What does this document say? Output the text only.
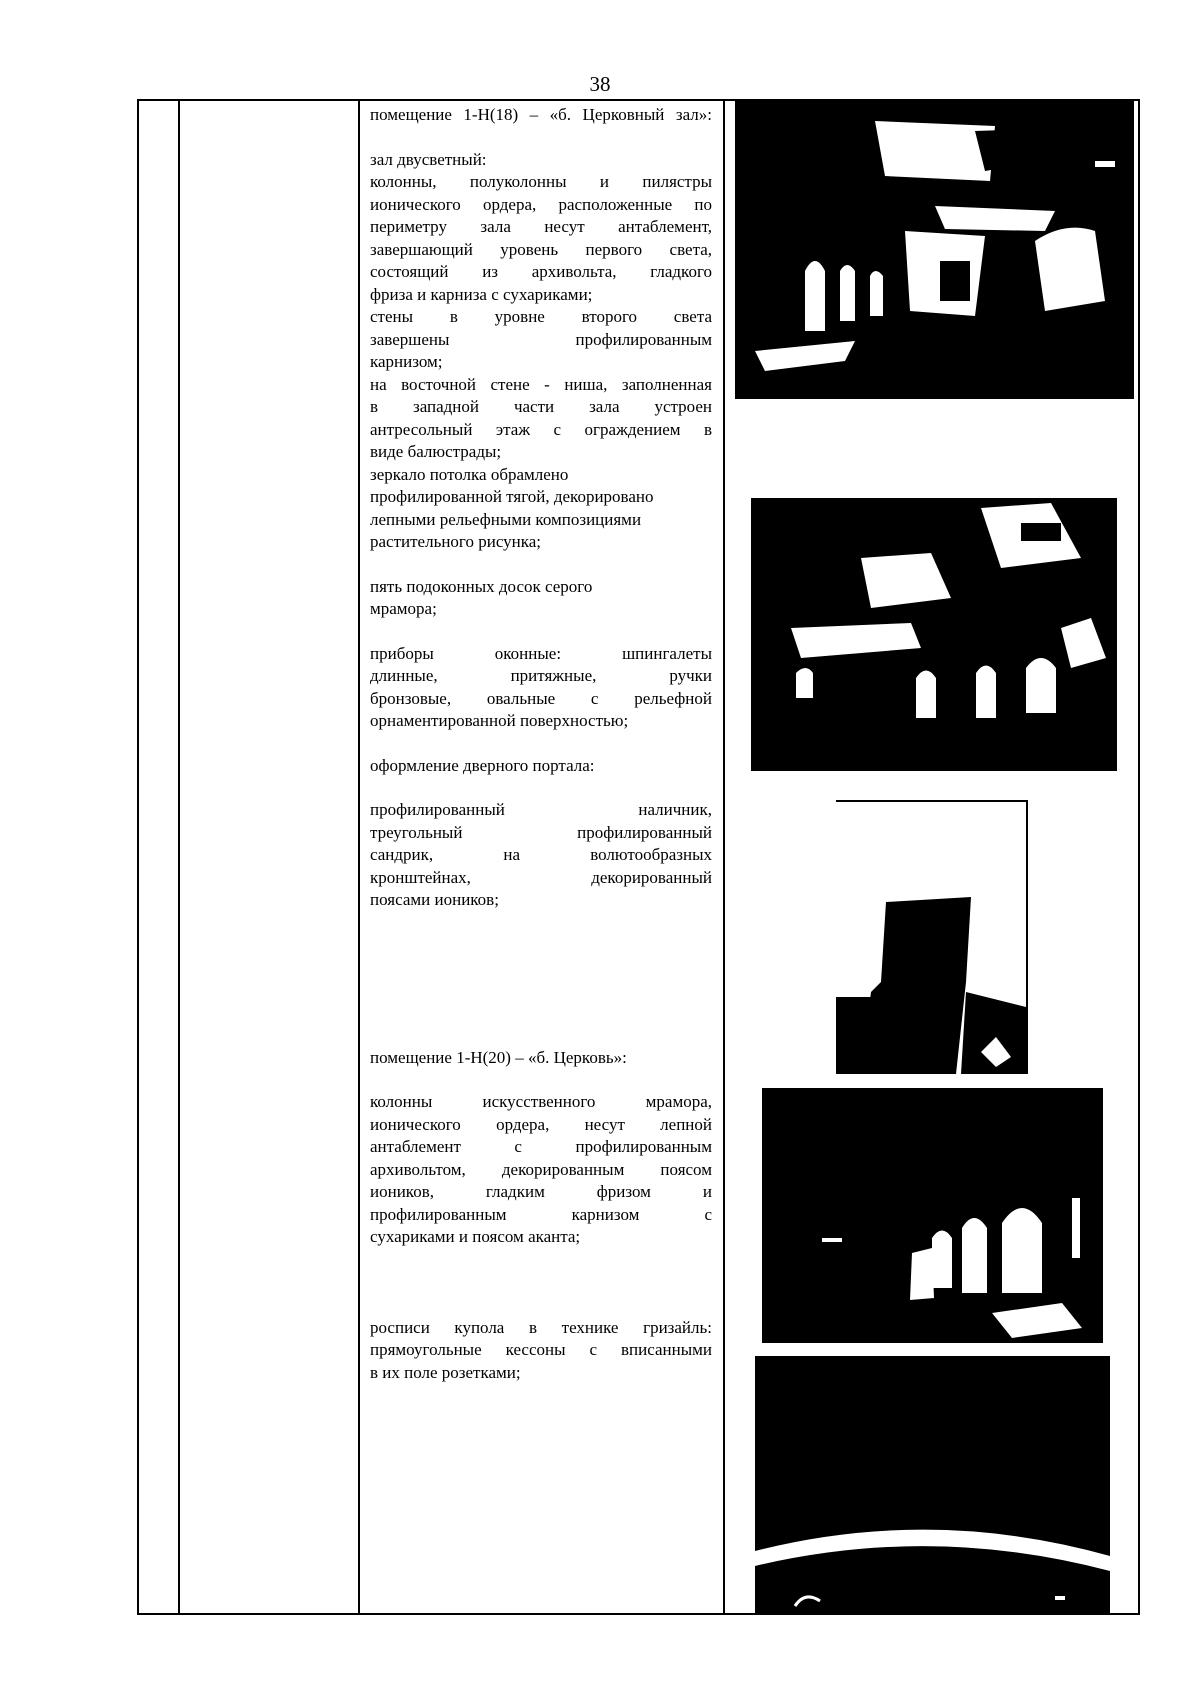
38

помещение 1-Н(18) – «б. Церковный зал»:

зал двусветный:

колонны, полуколонны и пилястры

ионического ордера, расположенные по

периметру зала несут антаблемент,

завершающий уровень первого света,

состоящий из архивольта, гладкого

фриза и карниза с сухариками;

стены в уровне второго света

завершены профилированным

карнизом;

на восточной стене - ниша, заполненная

в западной части зала устроен

антресольный этаж с ограждением в

виде балюстрады;

зеркало потолка обрамлено

профилированной тягой, декорировано

лепными рельефными композициями

растительного рисунка;

пять подоконных досок серого

мрамора;

приборы оконные: шпингалеты

длинные, притяжные, ручки

бронзовые, овальные с рельефной

орнаментированной поверхностью;

оформление дверного портала:

профилированный наличник,

треугольный профилированный

сандрик, на волютообразных

кронштейнах, декорированный

поясами иоников;

помещение 1-Н(20) – «б. Церковь»:

колонны искусственного мрамора,

ионического ордера, несут лепной

антаблемент с профилированным

архивольтом, декорированным поясом

иоников, гладким фризом и

профилированным карнизом с

сухариками и поясом аканта;

росписи купола в технике гризайль:

прямоугольные кессоны с вписанными

в их поле розетками;
